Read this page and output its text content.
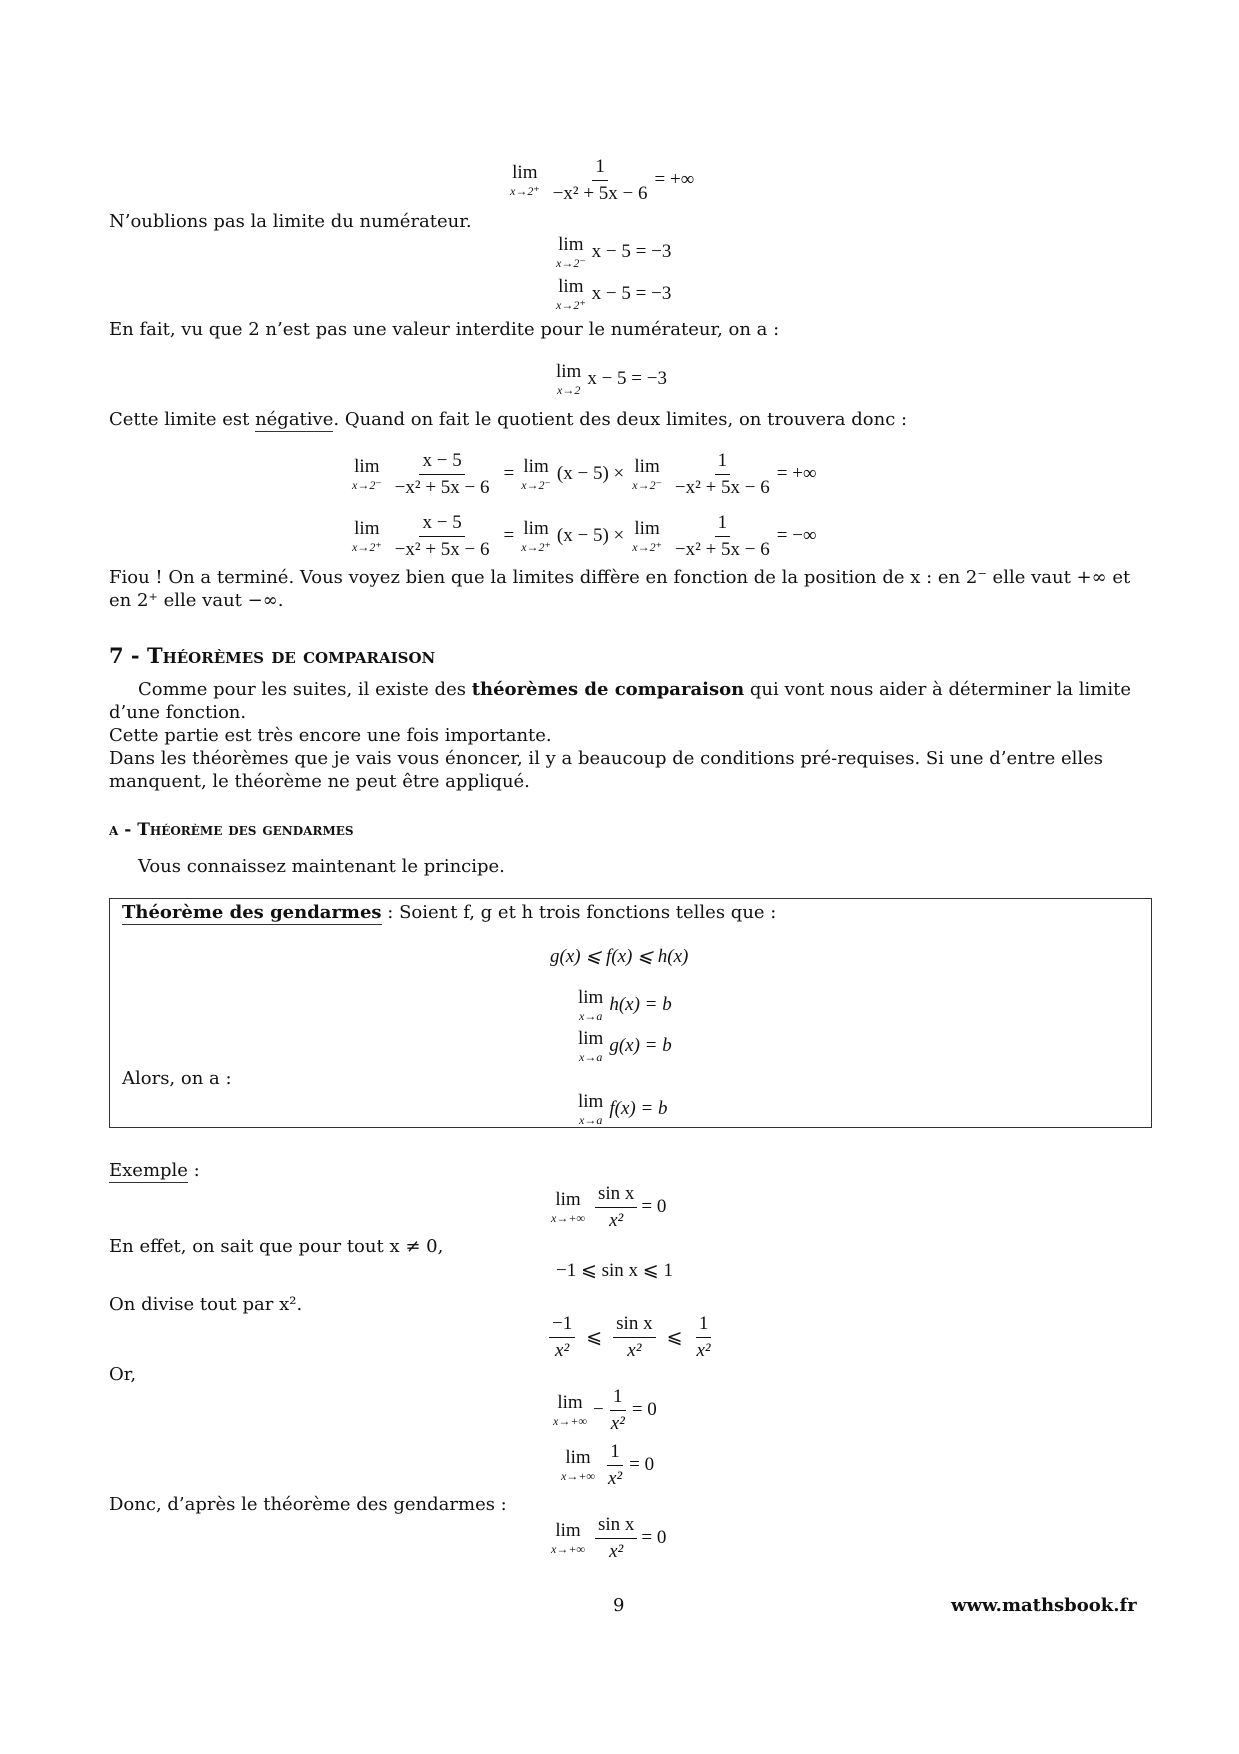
lim
$x\to 2^+ \frac{1}{\text{−x² + 5x − 6}}$ = +∞
N’oublions pas la limite du numérateur.
lim
x→2⁻
x − 5 = −3
lim
x→2⁺
x − 5 = −3
En fait, vu que 2 n’est pas une valeur interdite pour le numérateur, on a :
lim
x→2
x − 5 = −3
Cette limite est négative. Quand on fait le quotient des deux limites, on trouvera donc :
lim
$x\to 2^- \frac{x - 5}{\text{−x² + 5x − 6}} = \lim$
x→2⁻
(x − 5) × lim
$x\to 2^- \frac{1}{\text{−x² + 5x − 6}}$ = +∞
lim
$x\to 2^+ \frac{x - 5}{\text{−x² + 5x − 6}} = \lim$
x→2⁺
(x − 5) × lim
$x\to 2^+ \frac{1}{\text{−x² + 5x − 6}}$ = −∞
Fiou ! On a terminé. Vous voyez bien que la limites diffère en fonction de la position de x : en 2⁻ elle vaut +∞ et en 2⁺ elle vaut −∞.
7 - Théorèmes de comparaison
Comme pour les suites, il existe des théorèmes de comparaison qui vont nous aider à déterminer la limite d’une fonction.
Cette partie est très encore une fois importante.
Dans les théorèmes que je vais vous énoncer, il y a beaucoup de conditions pré-requises. Si une d’entre elles manquent, le théorème ne peut être appliqué.
a - Théorème des gendarmes
Vous connaissez maintenant le principe.
Théorème des gendarmes : Soient f, g et h trois fonctions telles que :
g(x) ⩽ f(x) ⩽ h(x)
lim
x→a
h(x) = b
lim
x→a
g(x) = b
Alors, on a :
lim
x→a
f(x) = b
Exemple :
lim
$x\to+\infty \frac{\text{sin x}}{\text{x²}} = 0$
En effet, on sait que pour tout x ≠ 0,
−1 ⩽ sin x ⩽ 1
On divise tout par x².
$\frac{-1}{\text{x²}}$ ⩽ $\frac{\text{sin x}}{\text{x²}}$ ⩽ $\frac{1}{\text{x²}}$
Or,
lim
x→+∞
− $\frac{1}{\text{x²}} = 0$
lim
$x\to+\infty \frac{1}{\text{x²}} = 0$
Donc, d’après le théorème des gendarmes :
lim
$x\to+\infty \frac{\text{sin x}}{\text{x²}} = 0$
9	www.mathsbook.fr
